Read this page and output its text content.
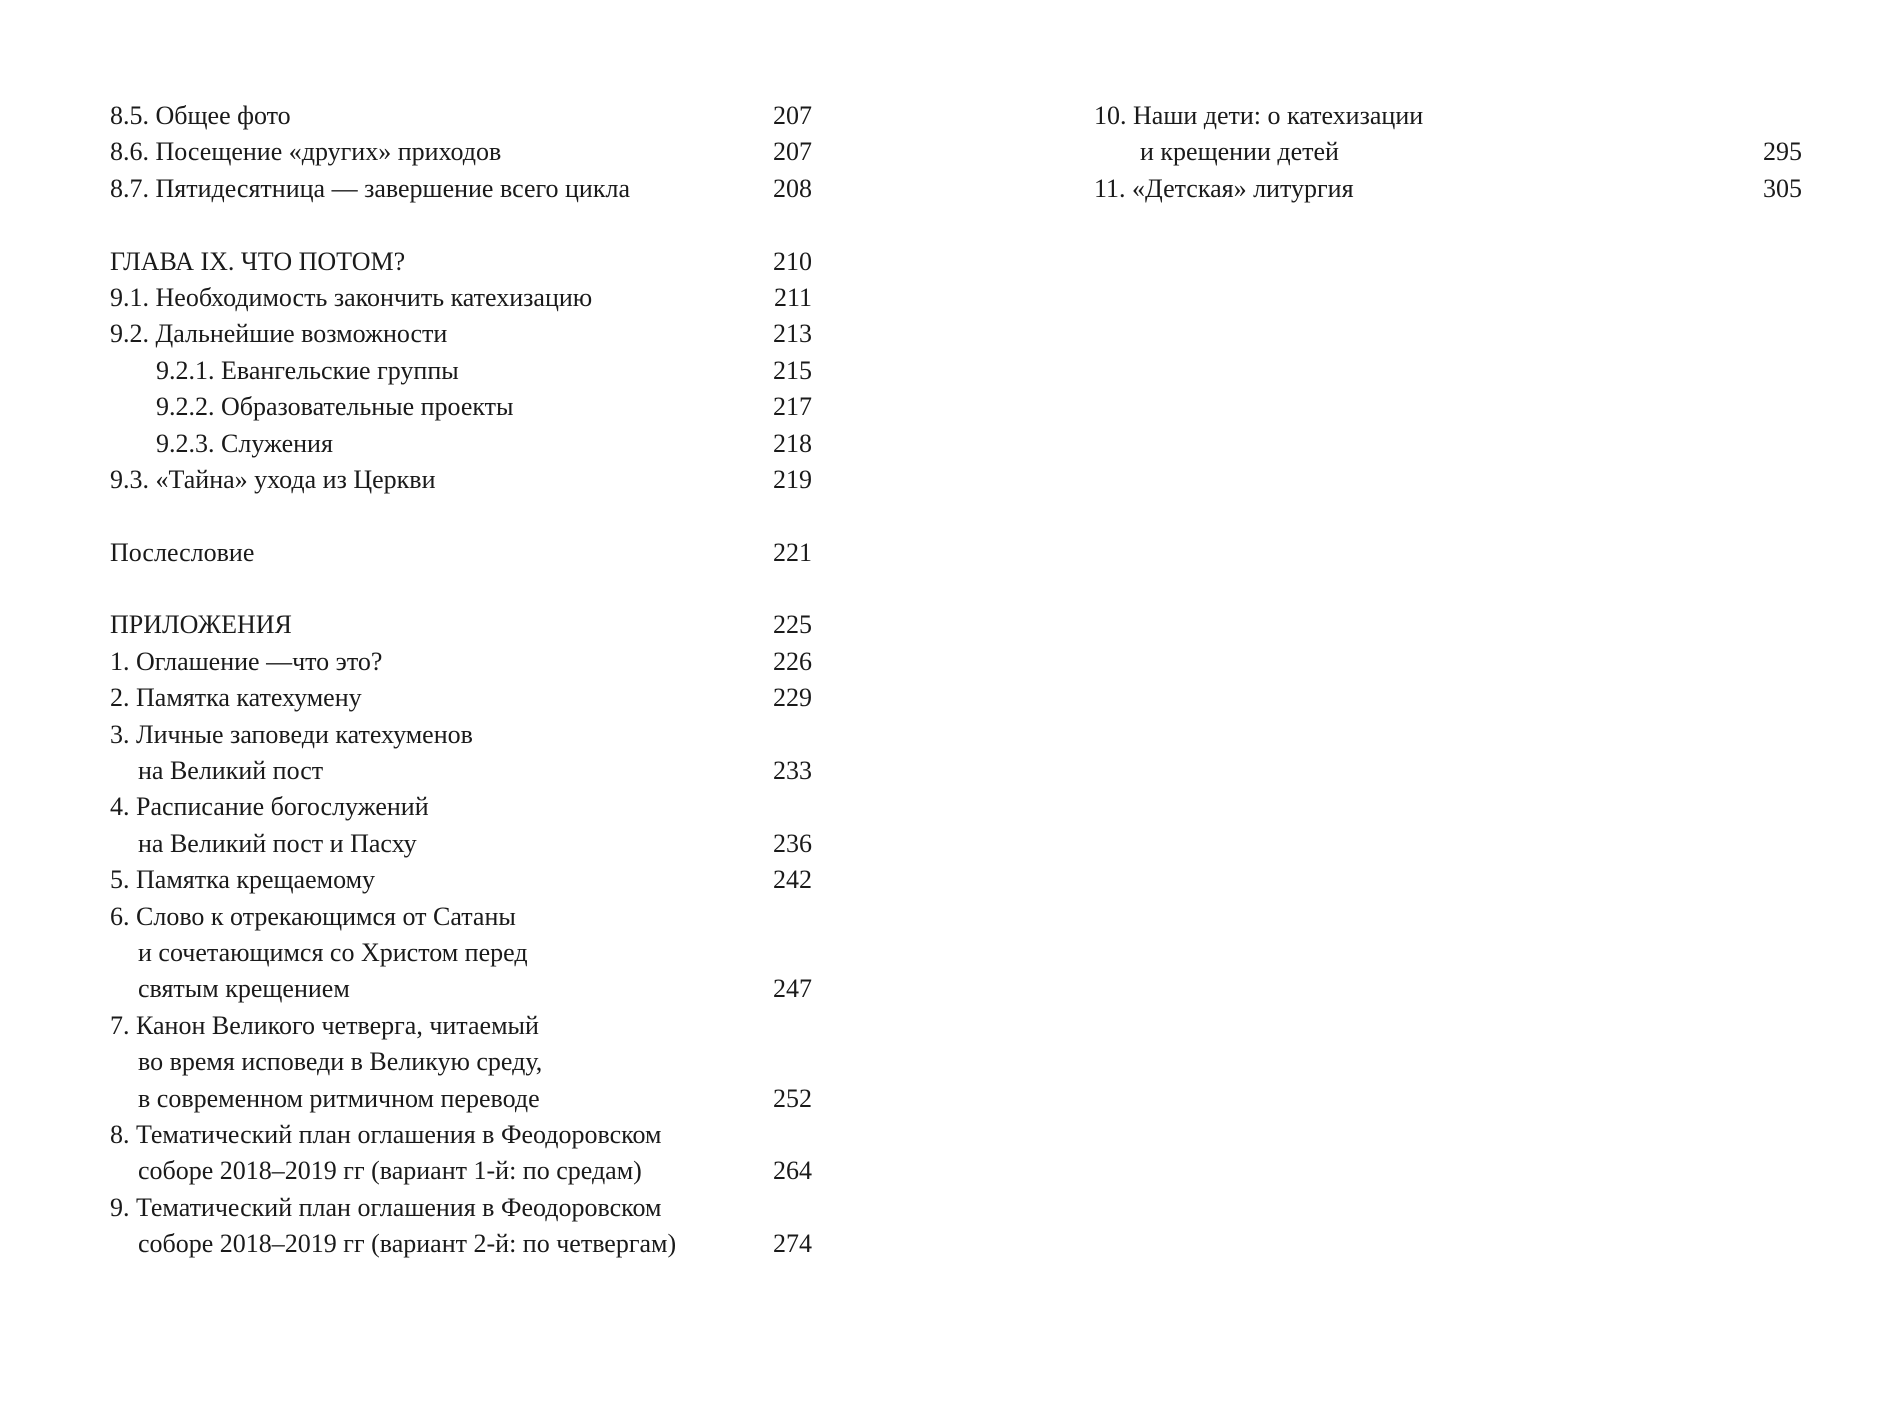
8.5. Общее фото	207
8.6. Посещение «других» приходов	207
8.7. Пятидесятница — завершение всего цикла	208
ГЛАВА IX. ЧТО ПОТОМ?	210
9.1. Необходимость закончить катехизацию	211
9.2. Дальнейшие возможности	213
9.2.1. Евангельские группы	215
9.2.2. Образовательные проекты	217
9.2.3. Служения	218
9.3. «Тайна» ухода из Церкви	219
Послесловие	221
ПРИЛОЖЕНИЯ	225
1. Оглашение —что это?	226
2. Памятка катехумену	229
3. Личные заповеди катехуменов
на Великий пост	233
4. Расписание богослужений
на Великий пост и Пасху	236
5. Памятка крещаемому	242
6. Слово к отрекающимся от Сатаны
и сочетающимся со Христом перед
святым крещением	247
7. Канон Великого четверга, читаемый
во время исповеди в Великую среду,
в современном ритмичном переводе	252
8. Тематический план оглашения в Феодоровском
соборе 2018–2019 гг (вариант 1-й: по средам)	264
9. Тематический план оглашения в Феодоровском
соборе 2018–2019 гг (вариант 2-й: по четвергам)	274
10. Наши дети: о катехизации
и крещении детей	295
11. «Детская» литургия	305
